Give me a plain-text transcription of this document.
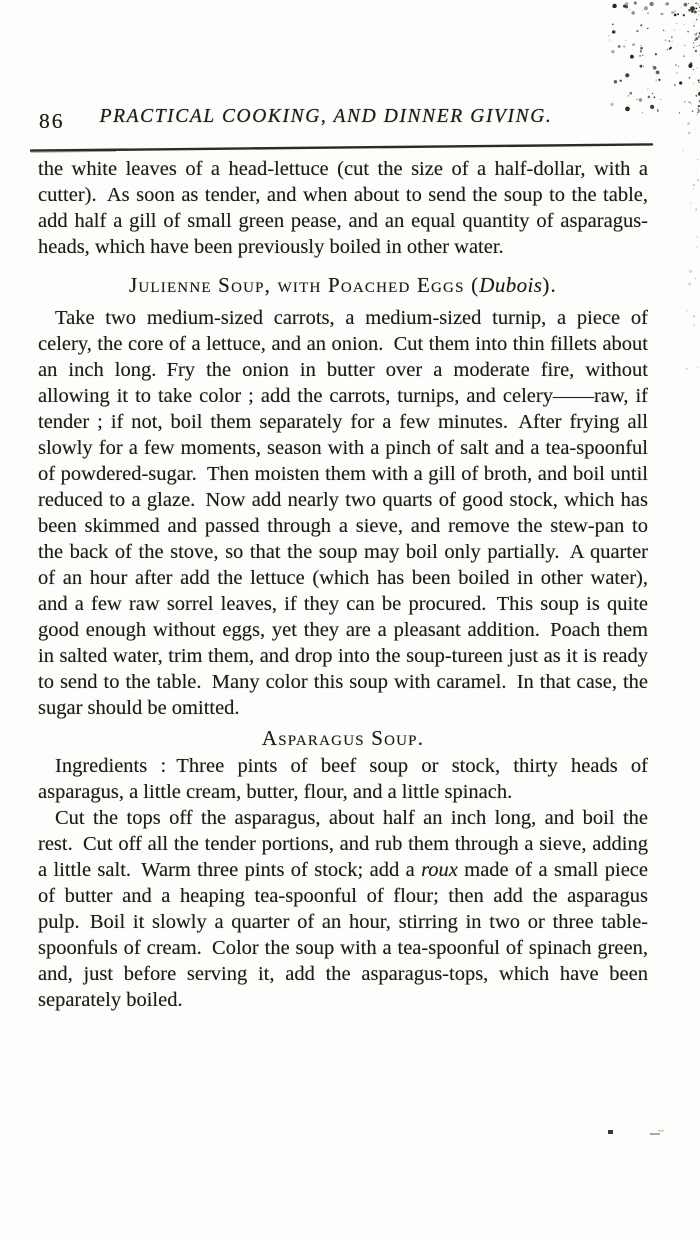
86	PRACTICAL COOKING, AND DINNER GIVING.

the white leaves of a head-lettuce (cut the size of a half-dollar, with a cutter). As soon as tender, and when about to send the soup to the table, add half a gill of small green pease, and an equal quantity of asparagus-heads, which have been previously boiled in other water.

Julienne Soup, with Poached Eggs (Dubois).

Take two medium-sized carrots, a medium-sized turnip, a piece of celery, the core of a lettuce, and an onion. Cut them into thin fillets about an inch long. Fry the onion in butter over a moderate fire, without allowing it to take color ; add the carrots, turnips, and celery——raw, if tender ; if not, boil them separately for a few minutes. After frying all slowly for a few moments, season with a pinch of salt and a tea-spoonful of powdered-sugar. Then moisten them with a gill of broth, and boil until reduced to a glaze. Now add nearly two quarts of good stock, which has been skimmed and passed through a sieve, and remove the stew-pan to the back of the stove, so that the soup may boil only partially. A quarter of an hour after add the lettuce (which has been boiled in other water), and a few raw sorrel leaves, if they can be procured. This soup is quite good enough without eggs, yet they are a pleasant addition. Poach them in salted water, trim them, and drop into the soup-tureen just as it is ready to send to the table. Many color this soup with caramel. In that case, the sugar should be omitted.

Asparagus Soup.

Ingredients : Three pints of beef soup or stock, thirty heads of asparagus, a little cream, butter, flour, and a little spinach.

Cut the tops off the asparagus, about half an inch long, and boil the rest. Cut off all the tender portions, and rub them through a sieve, adding a little salt. Warm three pints of stock; add a roux made of a small piece of butter and a heaping tea-spoonful of flour; then add the asparagus pulp. Boil it slowly a quarter of an hour, stirring in two or three table-spoonfuls of cream. Color the soup with a tea-spoonful of spinach green, and, just before serving it, add the asparagus-tops, which have been separately boiled.
